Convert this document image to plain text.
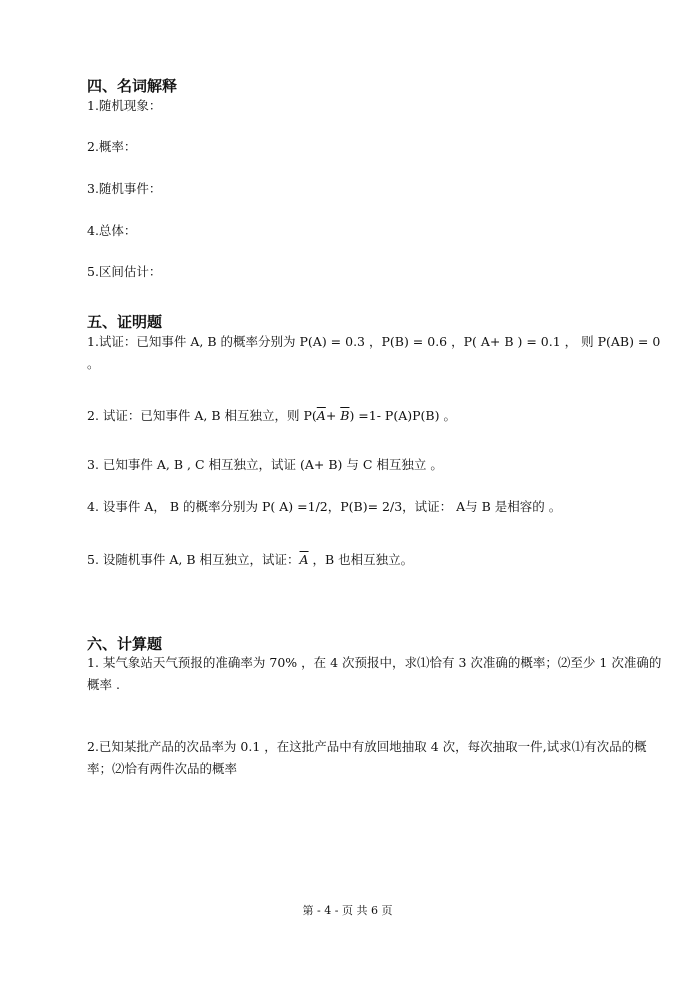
四、名词解释
1.随机现象：
2.概率：
3.随机事件：
4.总体：
5.区间估计：
五、证明题
1.试证：已知事件 A, B 的概率分别为 P(A) = 0.3 ，P(B) = 0.6 ，P( A+ B ) = 0.1 ， 则 P(AB) = 0 。
2. 试证：已知事件 A, B 相互独立，则 $P(\overline{A}+ \overline{B}) =1-$ P(A)P(B) 。
3. 已知事件 A, B , C 相互独立，试证 (A+ B) 与 C 相互独立 。
4. 设事件 A， B 的概率分别为 P( A) =1/2，P(B)= 2/3，试证： A与 B 是相容的 。
5. 设随机事件 A, B 相互独立，试证：$\overline{A}$ ，B 也相互独立。
六、计算题
1. 某气象站天气预报的准确率为 70% ，在 4 次预报中，求⑴恰有 3 次准确的概率；⑵至少 1 次准确的概率 .
2.已知某批产品的次品率为 0.1 ，在这批产品中有放回地抽取 4 次，每次抽取一件,试求⑴有次品的概率；⑵恰有两件次品的概率
第 - 4 - 页 共 6 页
